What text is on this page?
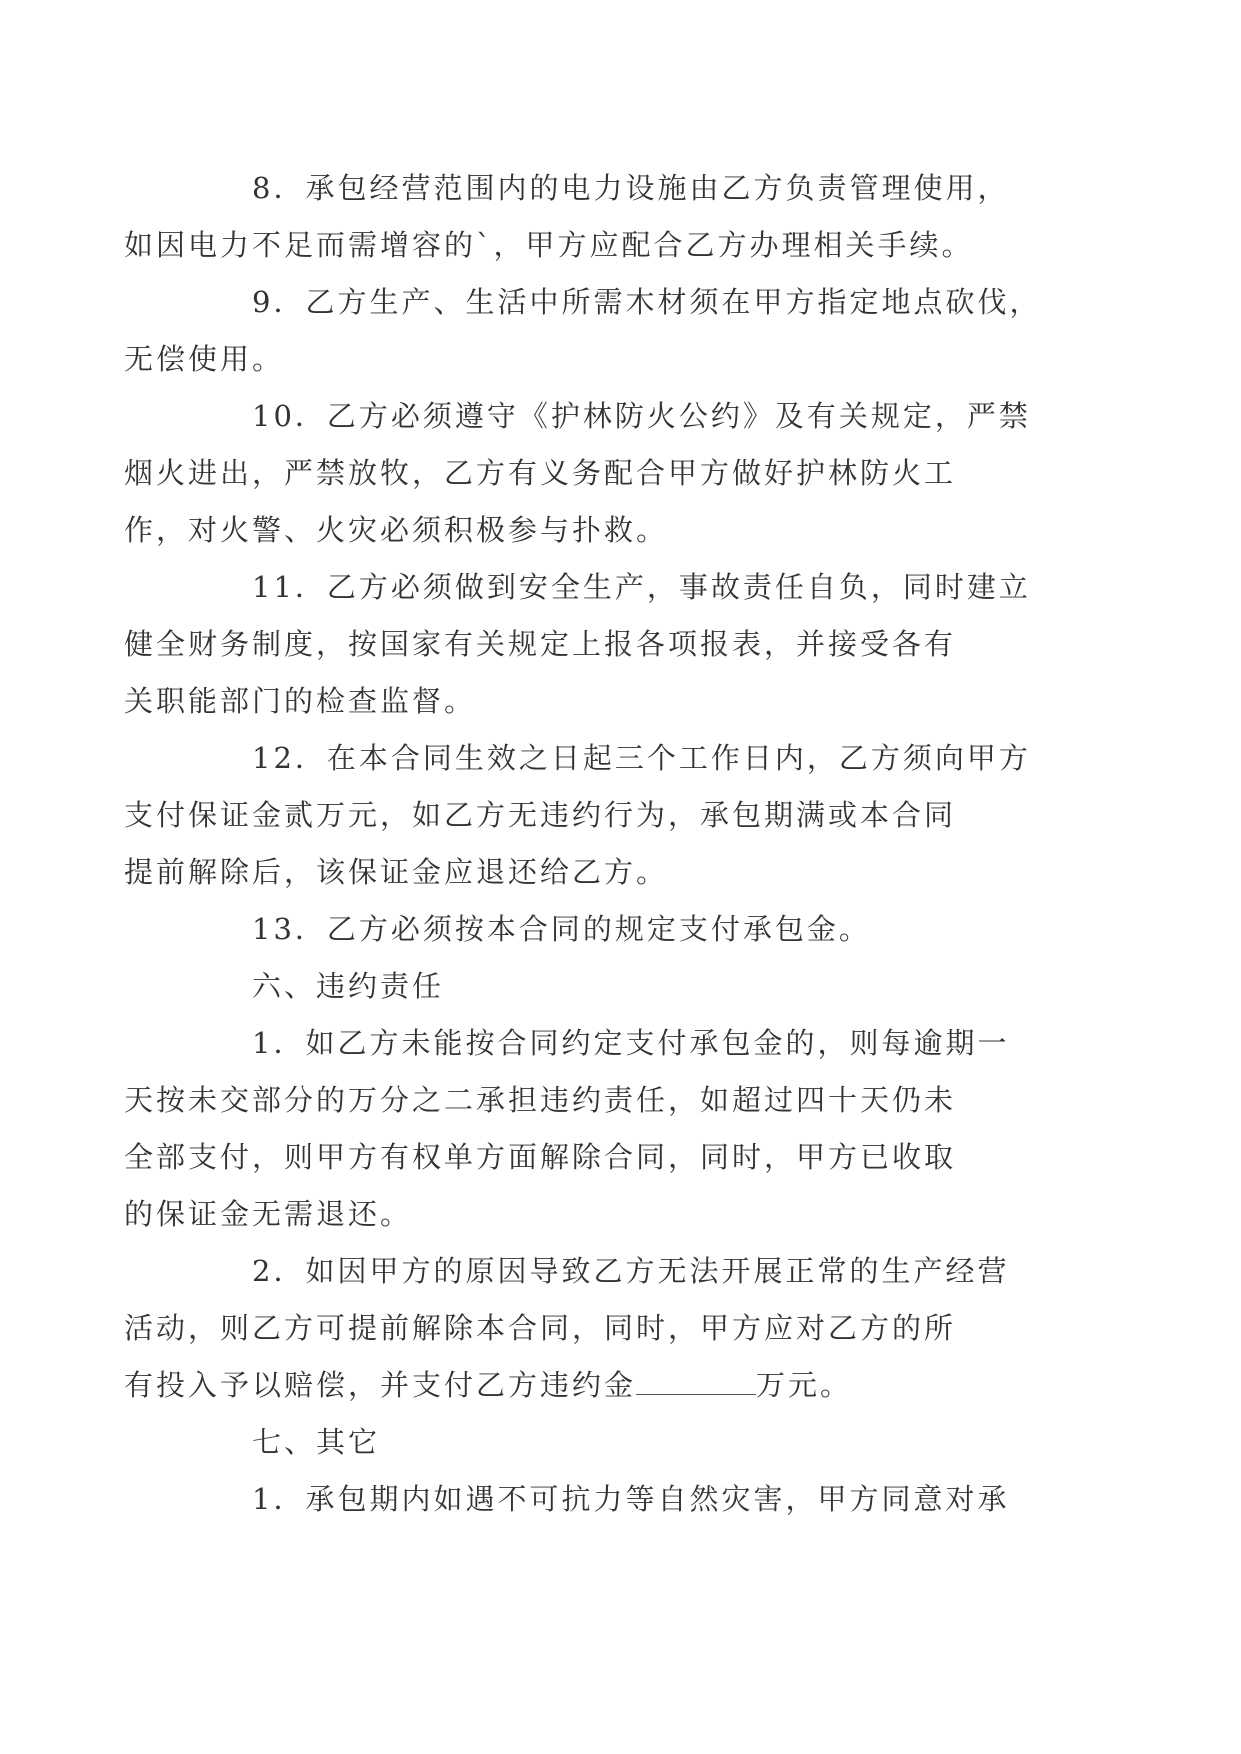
8．承包经营范围内的电力设施由乙方负责管理使用，
如因电力不足而需增容的`，甲方应配合乙方办理相关手续。

9．乙方生产、生活中所需木材须在甲方指定地点砍伐，
无偿使用。

10．乙方必须遵守《护林防火公约》及有关规定，严禁
烟火进出，严禁放牧，乙方有义务配合甲方做好护林防火工
作，对火警、火灾必须积极参与扑救。

11．乙方必须做到安全生产，事故责任自负，同时建立
健全财务制度，按国家有关规定上报各项报表，并接受各有
关职能部门的检查监督。

12．在本合同生效之日起三个工作日内，乙方须向甲方
支付保证金贰万元，如乙方无违约行为，承包期满或本合同
提前解除后，该保证金应退还给乙方。

13．乙方必须按本合同的规定支付承包金。

六、违约责任

1．如乙方未能按合同约定支付承包金的，则每逾期一
天按未交部分的万分之二承担违约责任，如超过四十天仍未
全部支付，则甲方有权单方面解除合同，同时，甲方已收取
的保证金无需退还。

2．如因甲方的原因导致乙方无法开展正常的生产经营
活动，则乙方可提前解除本合同，同时，甲方应对乙方的所
有投入予以赔偿，并支付乙方违约金	万元。

七、其它

1．承包期内如遇不可抗力等自然灾害，甲方同意对承
